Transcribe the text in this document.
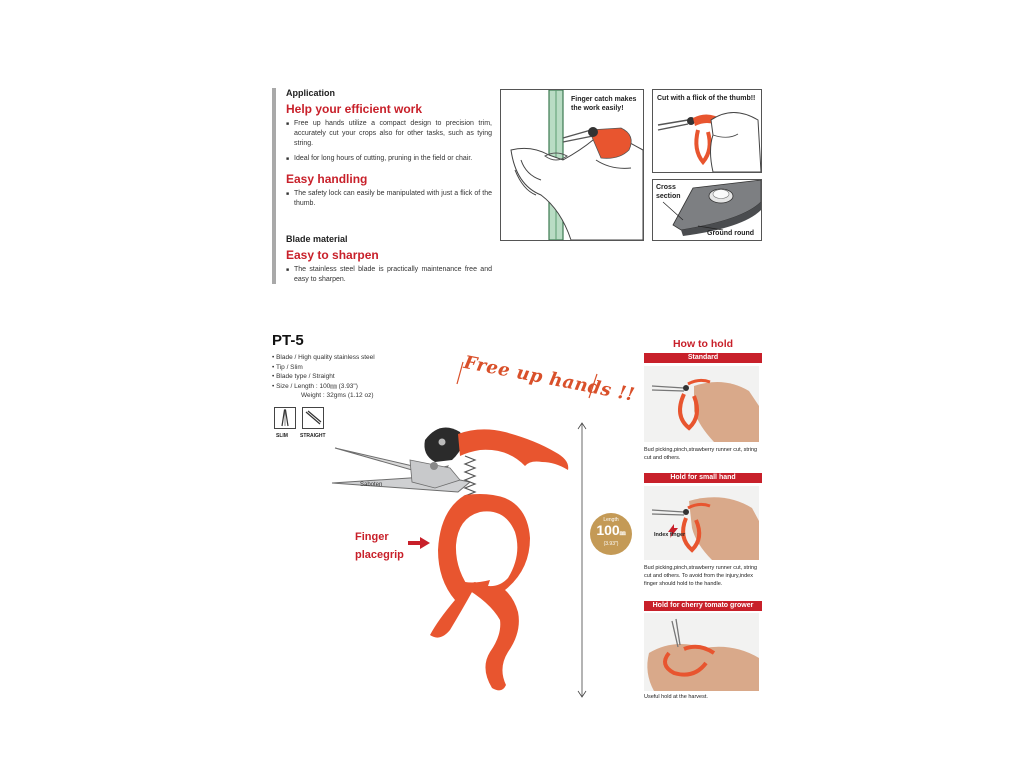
Application
Help your efficient work
■ Free up hands utilize a compact design to precision trim, accurately cut your crops also for other tasks, such as tying string.
■ Ideal for long hours of cutting, pruning in the field or chair.
Easy handling
■ The safety lock can easily be manipulated with just a flick of the thumb.
Blade material
Easy to sharpen
■ The stainless steel blade is practically maintenance free and easy to sharpen.
Finger catch makes the work easily!
Cut with a flick of the thumb!!
Cross section
Ground round
PT-5
• Blade / High quality stainless steel
• Tip / Slim
• Blade type / Straight
• Size / Length : 100㎜ (3.93")
Weight : 32gms (1.12 oz)
SLIM STRAIGHT
Free up hands !!
Saboten
Finger
placegrip
Length
100㎜
(3.93")
How to hold
Standard
Bud picking,pinch,strawberry runner cut, string cut and others.
Hold for small hand
Index finger
Bud picking,pinch,strawberry runner cut, string cut and others. To avoid from the injury,index finger should hold to the handle.
Hold for cherry tomato grower
Useful hold at the harvest.
